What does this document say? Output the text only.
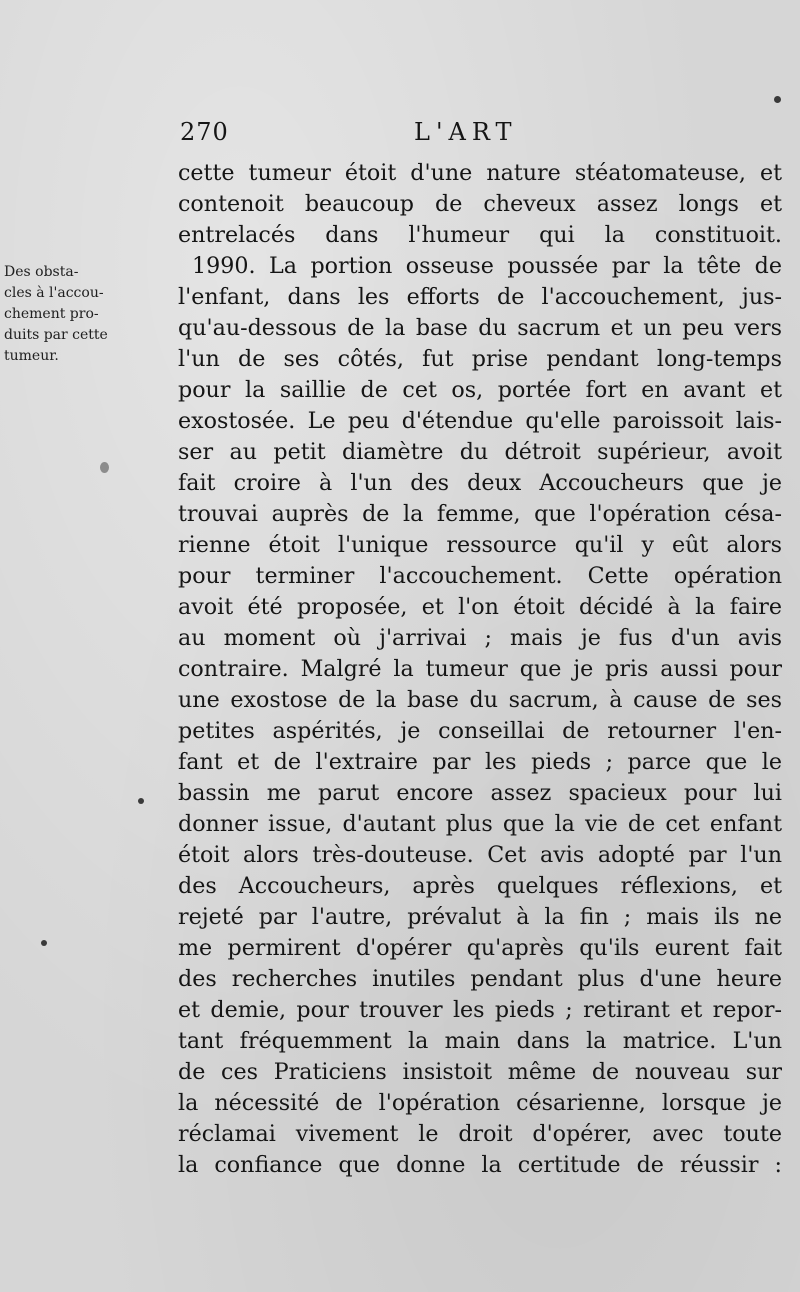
270	L'ART
Des obsta-
cles à l'accou-
chement pro-
duits par cette
tumeur.
cette tumeur étoit d'une nature stéatomateuse, et
contenoit beaucoup de cheveux assez longs et
entrelacés dans l'humeur qui la constituoit.
1990. La portion osseuse poussée par la tête de
l'enfant, dans les efforts de l'accouchement, jus-
qu'au-dessous de la base du sacrum et un peu vers
l'un de ses côtés, fut prise pendant long-temps
pour la saillie de cet os, portée fort en avant et
exostosée. Le peu d'étendue qu'elle paroissoit lais-
ser au petit diamètre du détroit supérieur, avoit
fait croire à l'un des deux Accoucheurs que je
trouvai auprès de la femme, que l'opération césa-
rienne étoit l'unique ressource qu'il y eût alors
pour terminer l'accouchement. Cette opération
avoit été proposée, et l'on étoit décidé à la faire
au moment où j'arrivai ; mais je fus d'un avis
contraire. Malgré la tumeur que je pris aussi pour
une exostose de la base du sacrum, à cause de ses
petites aspérités, je conseillai de retourner l'en-
fant et de l'extraire par les pieds ; parce que le
bassin me parut encore assez spacieux pour lui
donner issue, d'autant plus que la vie de cet enfant
étoit alors très-douteuse. Cet avis adopté par l'un
des Accoucheurs, après quelques réflexions, et
rejeté par l'autre, prévalut à la fin ; mais ils ne
me permirent d'opérer qu'après qu'ils eurent fait
des recherches inutiles pendant plus d'une heure
et demie, pour trouver les pieds ; retirant et repor-
tant fréquemment la main dans la matrice. L'un
de ces Praticiens insistoit même de nouveau sur
la nécessité de l'opération césarienne, lorsque je
réclamai vivement le droit d'opérer, avec toute
la confiance que donne la certitude de réussir :
